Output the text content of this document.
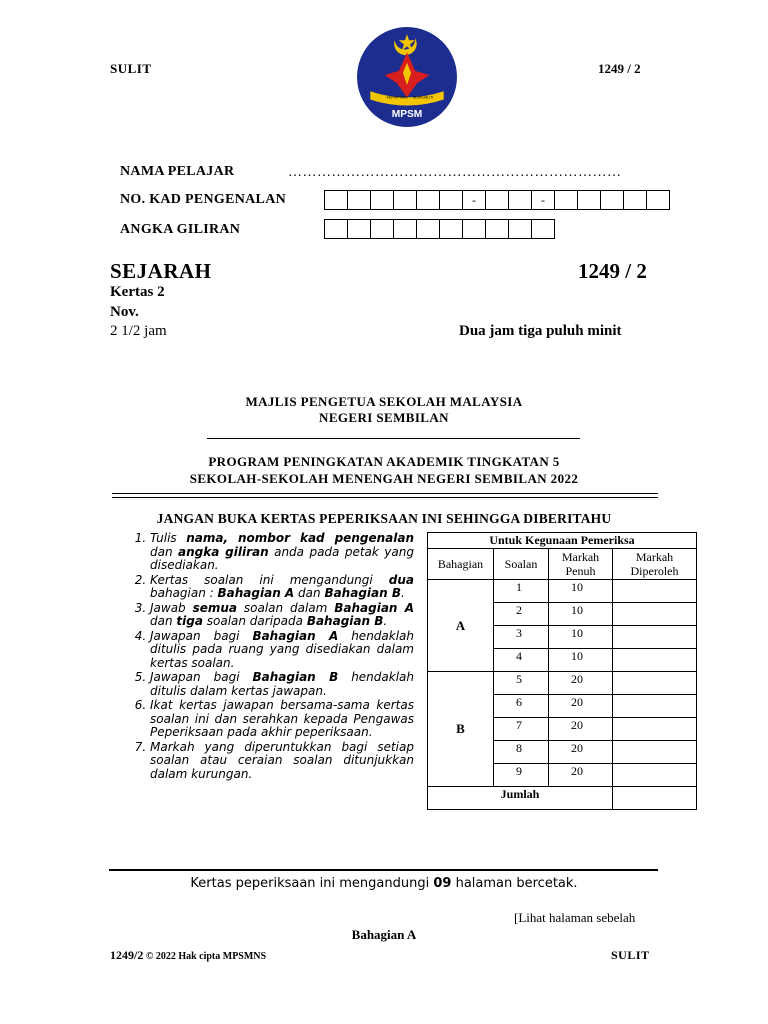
SULIT	1249 / 2
KEPIMPINAN BERKUALITI
MPSM
NAMA PELAJAR	……………………………………………………………
NO. KAD PENGENALAN	-	-
ANGKA GILIRAN
SEJARAH	1249 / 2
Kertas 2
Nov.
2 1/2 jam	Dua jam tiga puluh minit
MAJLIS PENGETUA SEKOLAH MALAYSIA
NEGERI SEMBILAN
PROGRAM PENINGKATAN AKADEMIK TINGKATAN 5
SEKOLAH-SEKOLAH MENENGAH NEGERI SEMBILAN 2022
JANGAN BUKA KERTAS PEPERIKSAAN INI SEHINGGA DIBERITAHU
1. Tulis nama, nombor kad pengenalan dan angka giliran anda pada petak yang disediakan.
2. Kertas soalan ini mengandungi dua bahagian : Bahagian A dan Bahagian B.
3. Jawab semua soalan dalam Bahagian A dan tiga soalan daripada Bahagian B.
4. Jawapan bagi Bahagian A hendaklah ditulis pada ruang yang disediakan dalam kertas soalan.
5. Jawapan bagi Bahagian B hendaklah ditulis dalam kertas jawapan.
6. Ikat kertas jawapan bersama-sama kertas soalan ini dan serahkan kepada Pengawas Peperiksaan pada akhir peperiksaan.
7. Markah yang diperuntukkan bagi setiap soalan atau ceraian soalan ditunjukkan dalam kurungan.
Untuk Kegunaan Pemeriksa			
Bahagian	Soalan	Markah Penuh	Markah Diperoleh
A	1	10	
	2	10	
	3	10	
	4	10	
B	5	20	
	6	20	
	7	20	
	8	20	
	9	20	
Jumlah			
Kertas peperiksaan ini mengandungi 09 halaman bercetak.
[Lihat halaman sebelah
Bahagian A
1249/2 © 2022 Hak cipta MPSMNS	SULIT
